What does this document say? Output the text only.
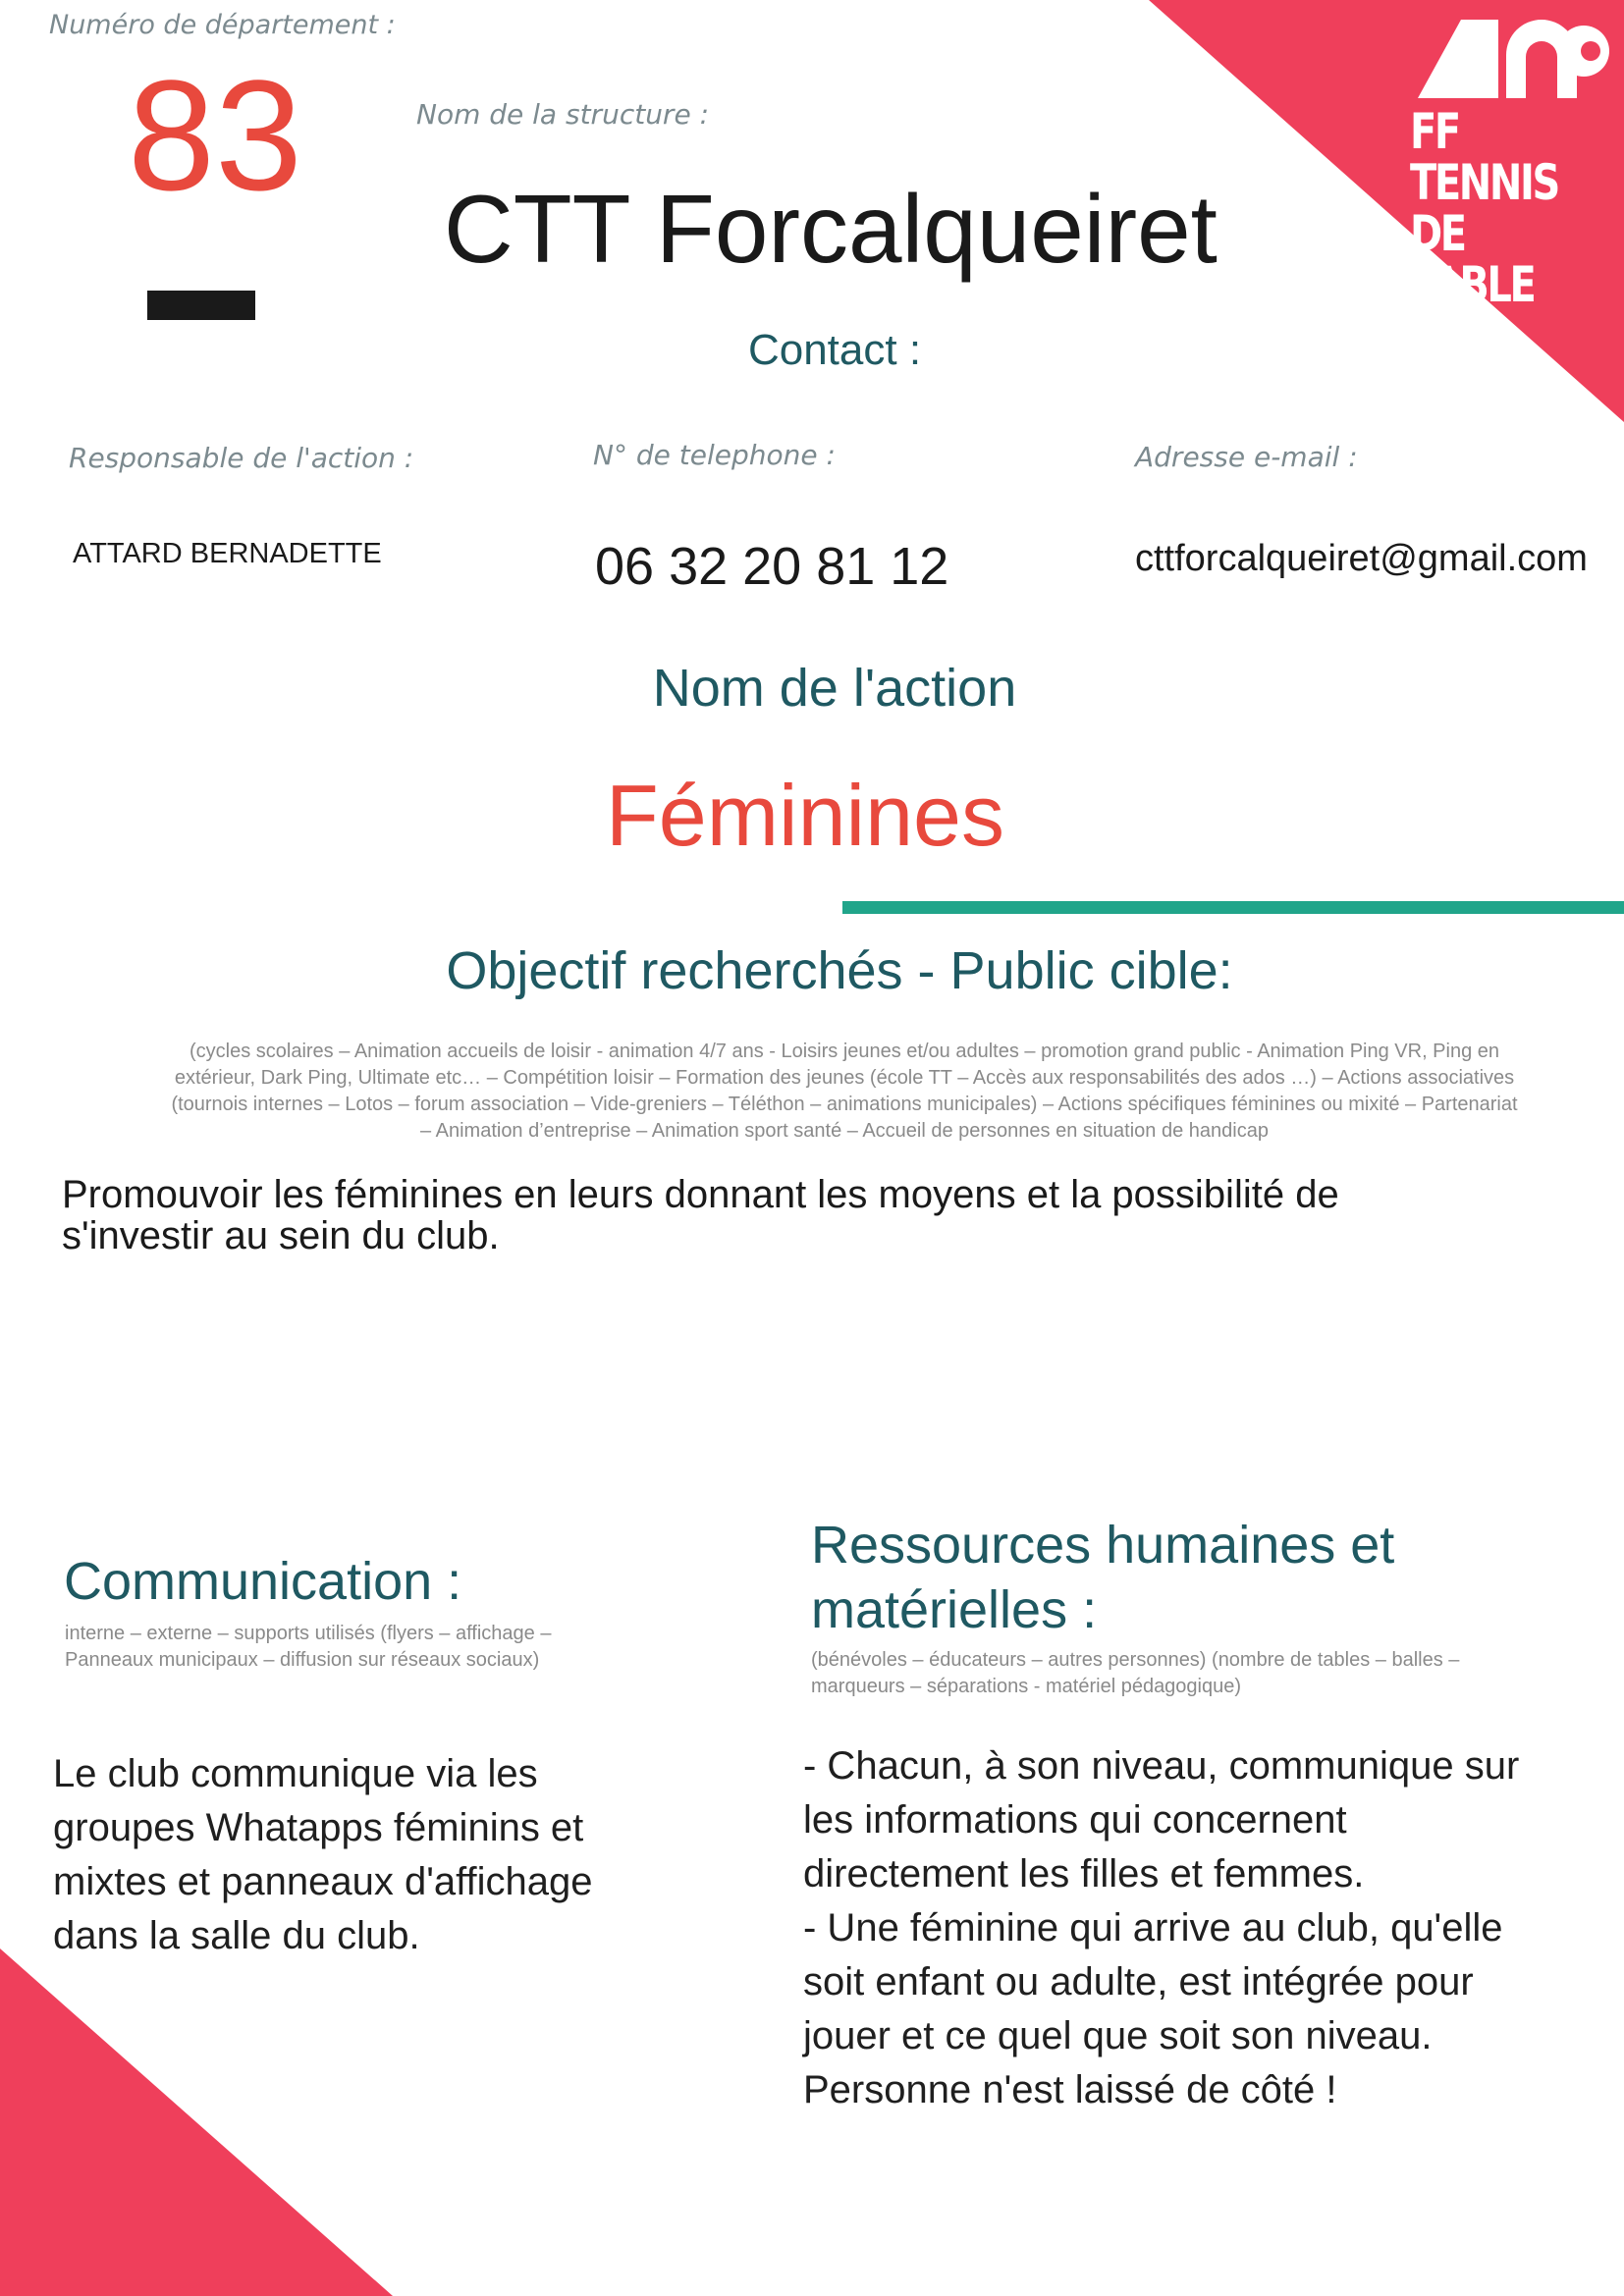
FF TENNIS
DE TABLE
Numéro de département :
83	Nom de la structure :
CTT Forcalqueiret
Contact :
Responsable de l'action :	N° de telephone :	Adresse e-mail :
ATTARD BERNADETTE	06 32 20 81 12	cttforcalqueiret@gmail.com
Nom de l'action
Féminines
Objectif recherchés - Public cible:
(cycles scolaires – Animation accueils de loisir - animation 4/7 ans - Loisirs jeunes et/ou adultes – promotion grand public - Animation Ping VR, Ping en extérieur, Dark Ping, Ultimate etc… – Compétition loisir – Formation des jeunes (école TT – Accès aux responsabilités des ados …) – Actions associatives (tournois internes – Lotos – forum association – Vide-greniers – Téléthon – animations municipales) – Actions spécifiques féminines ou mixité – Partenariat – Animation d’entreprise – Animation sport santé – Accueil de personnes en situation de handicap
Promouvoir les féminines en leurs donnant les moyens et la possibilité de s'investir au sein du club.
Communication :
interne – externe – supports utilisés (flyers – affichage – Panneaux municipaux – diffusion sur réseaux sociaux)
Le club communique via les groupes Whatapps féminins et mixtes et panneaux d'affichage dans la salle du club.
Ressources humaines et matérielles :
(bénévoles – éducateurs – autres personnes) (nombre de tables – balles – marqueurs – séparations - matériel pédagogique)
- Chacun, à son niveau, communique sur les informations qui concernent directement les filles et femmes.
- Une féminine qui arrive au club, qu'elle soit enfant ou adulte, est intégrée pour jouer et ce quel que soit son niveau. Personne n'est laissé de côté !
